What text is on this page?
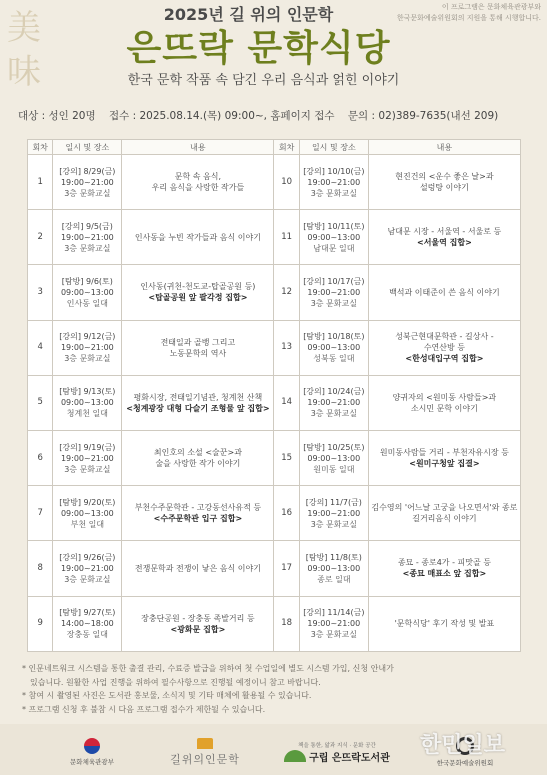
美
味
이 프로그램은 문화체육관광부와
한국문화예술위원회의 지원을 통해 시행합니다.
2025년 길 위의 인문학
은뜨락 문학식당
한국 문학 작품 속 담긴 우리 음식과 얽힌 이야기
대상 : 성인 20명 접수 : 2025.08.14.(목) 09:00~, 홈페이지 접수 문의 : 02)389-7635(내선 209)
회차	일시 및 장소	내용	회차	일시 및 장소	내용
1	[강의] 8/29(금)
19:00~21:00
3층 문화교실	문학 속 음식,
우리 음식을 사랑한 작가들	10	[강의] 10/10(금)
19:00~21:00
3층 문화교실	현진건의 <운수 좋은 날>과
설렁탕 이야기

2	[강의] 9/5(금)
19:00~21:00
3층 문화교실	인사동을 누빈 작가들과 음식 이야기	11	[탐방] 10/11(토)
09:00~13:00
남대문 일대	남대문 시장 - 서울역 - 서울로 등
<서울역 집합>

3	[탐방] 9/6(토)
09:00~13:00
인사동 일대	인사동(귀천-천도교-탑골공원 등)
<탑골공원 앞 팔각정 집합>	12	[강의] 10/17(금)
19:00~21:00
3층 문화교실	백석과 이태준이 쓴 음식 이야기

4	[강의] 9/12(금)
19:00~21:00
3층 문화교실	전태일과 골뱅 그리고
노동문학의 역사	13	[탐방] 10/18(토)
09:00~13:00
성북동 일대	성북근현대문학관 - 길상사 -
수연산방 등
<한성대입구역 집합>

5	[탐방] 9/13(토)
09:00~13:00
청계천 일대	평화시장, 전태일기념관, 청계천 산책
<청계광장 대형 다슬기 조형물 앞 집합>	14	[강의] 10/24(금)
19:00~21:00
3층 문화교실	양귀자의 <원미동 사람들>과
소시민 문학 이야기

6	[강의] 9/19(금)
19:00~21:00
3층 문화교실	최인호의 소설 <술꾼>과
술을 사랑한 작가 이야기	15	[탐방] 10/25(토)
09:00~13:00
원미동 일대	원미동사람들 거리 - 부천자유시장 등
<원미구청앞 집결>

7	[탐방] 9/20(토)
09:00~13:00
부천 일대	부천수주문학관 - 고강동선사유적 등
<수주문학관 입구 집합>	16	[강의] 11/7(금)
19:00~21:00
3층 문화교실	김수영의 '어느날 고궁을 나오면서'와 종로
길거리음식 이야기

8	[강의] 9/26(금)
19:00~21:00
3층 문화교실	전쟁문학과 전쟁이 낳은 음식 이야기	17	[탐방] 11/8(토)
09:00~13:00
종로 일대	종묘 - 종로4가 - 피맛골 등
<종묘 매표소 앞 집합>

9	[탐방] 9/27(토)
14:00~18:00
장충동 일대	장충단공원 - 장충동 족발거리 등
<광화문 집합>	18	[강의] 11/14(금)
19:00~21:00
3층 문화교실	'문학식당' 후기 작성 및 발표

* 인문네트워크 시스템을 통한 출결 관리, 수료증 발급을 위하여 첫 수업일에 별도 시스템 가입, 신청 안내가

있습니다. 원활한 사업 진행을 위하여 필수사항으로 진행될 예정이니 참고 바랍니다.

* 참여 시 촬영된 사진은 도서관 홍보물, 소식지 및 기타 매체에 활용될 수 있습니다.

* 프로그램 신청 후 불참 시 다음 프로그램 접수가 제한될 수 있습니다.

문화체육관광부	길위의인문학
책을 통한, 앎과 지식 · 문화 공간
구립 은뜨락도서관	한국문화예술위원회
한민일보
